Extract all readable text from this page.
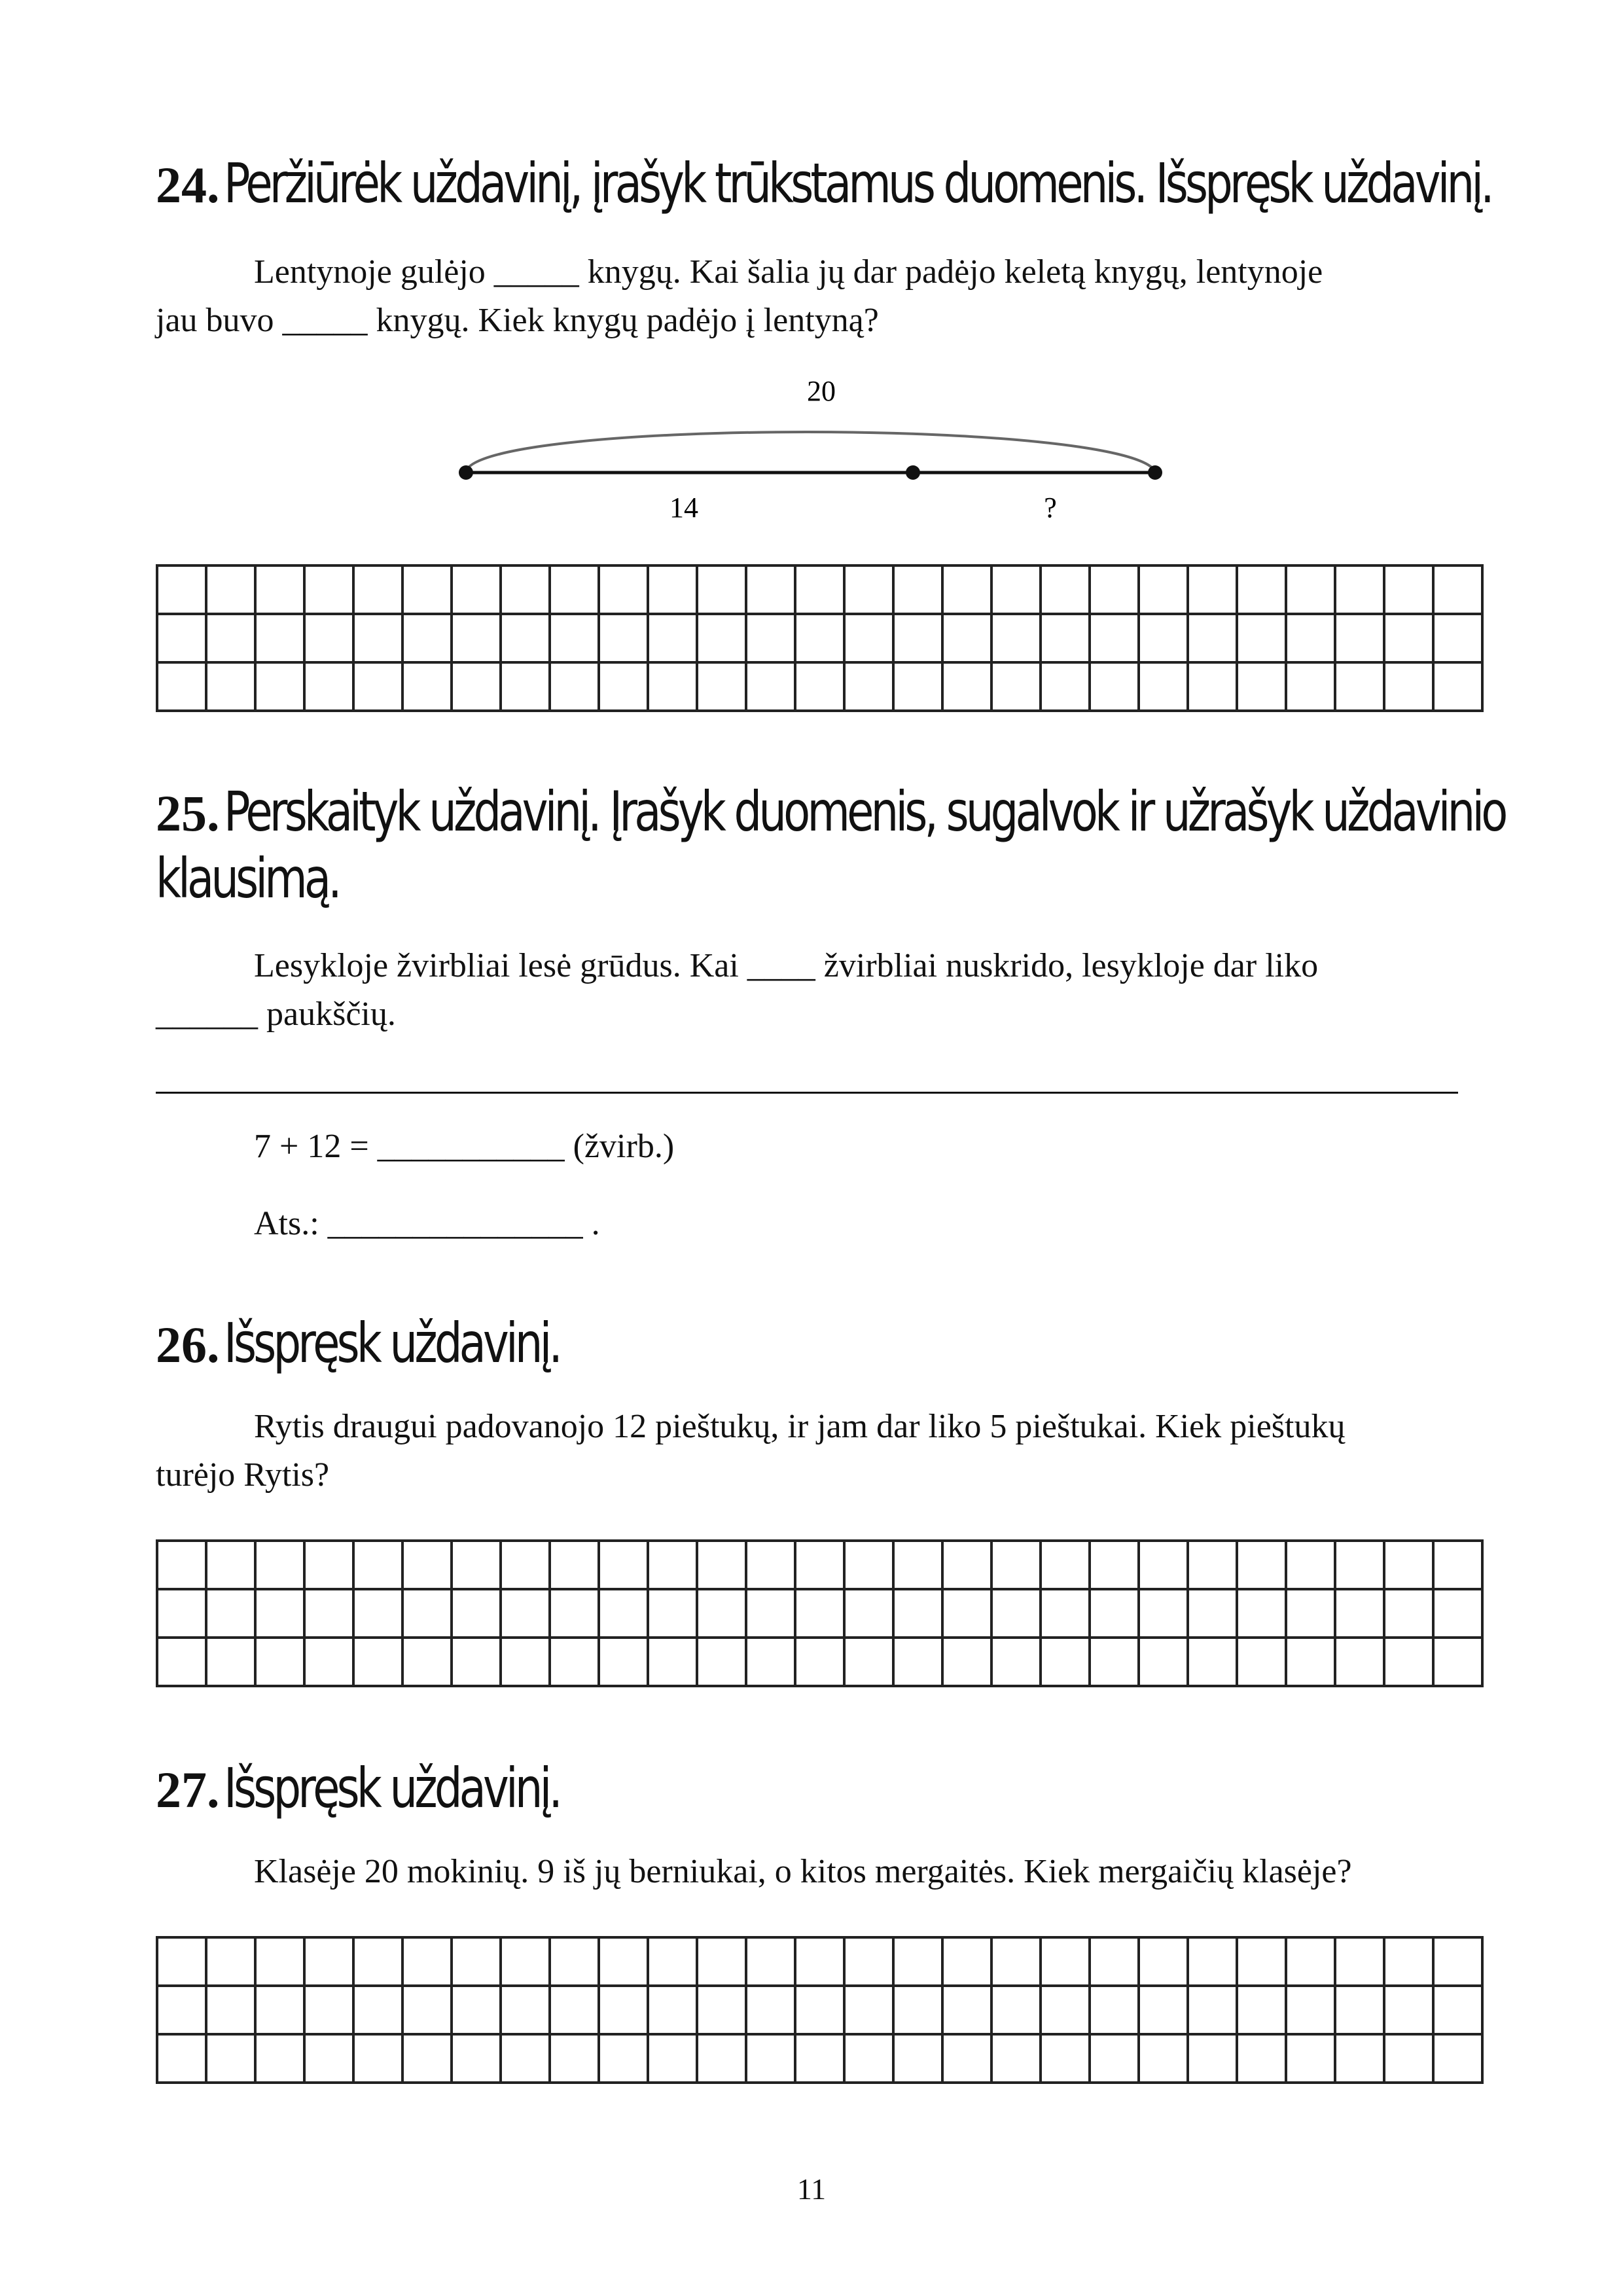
24. Peržiūrėk uždavinį, įrašyk trūkstamus duomenis. Išspręsk uždavinį.

Lentynoje gulėjo _____ knygų. Kai šalia jų dar padėjo keletą knygų, lentynoje

jau buvo _____ knygų. Kiek knygų padėjo į lentyną?

20
14	?

25. Perskaityk uždavinį. Įrašyk duomenis, sugalvok ir užrašyk uždavinio
klausimą.

Lesykloje žvirbliai lesė grūdus. Kai ____ žvirbliai nuskrido, lesykloje dar liko

______ paukščių.

7 + 12 = ___________ (žvirb.)

Ats.: _______________ .

26. Išspręsk uždavinį.

Rytis draugui padovanojo 12 pieštukų, ir jam dar liko 5 pieštukai. Kiek pieštukų

turėjo Rytis?

27. Išspręsk uždavinį.

Klasėje 20 mokinių. 9 iš jų berniukai, o kitos mergaitės. Kiek mergaičių klasėje?

11
